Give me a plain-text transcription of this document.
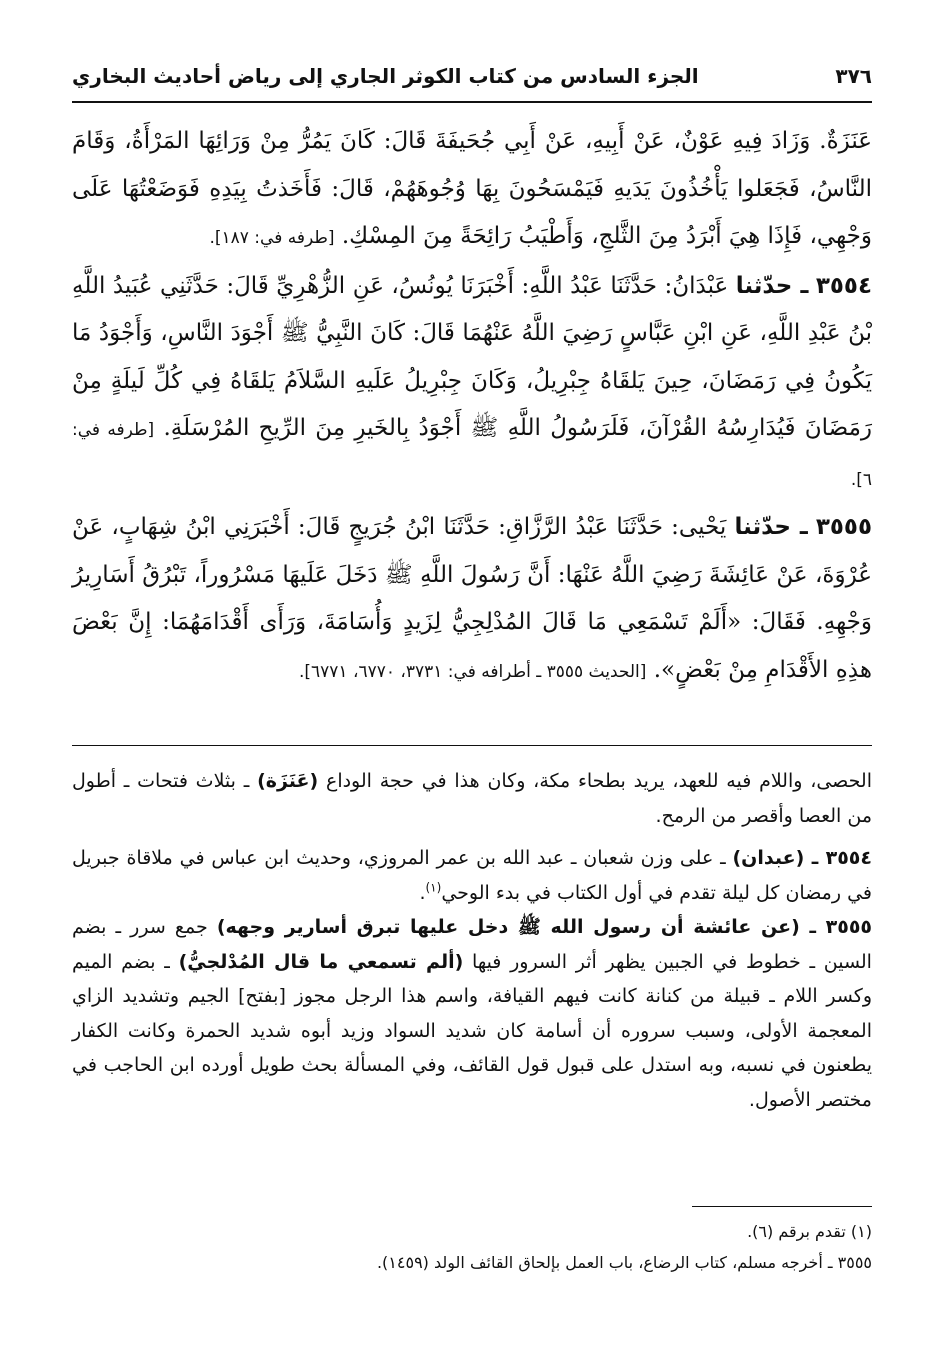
٣٧٦
الجزء السادس من كتاب الكوثر الجاري إلى رياض أحاديث البخاري

عَنَزَةٌ. وَزَادَ فِيهِ عَوْنٌ، عَنْ أَبِيهِ، عَنْ أَبِي جُحَيفَةَ قَالَ: كَانَ يَمُرُّ مِنْ وَرَائِهَا المَرْأَةُ، وَقَامَ النَّاسُ، فَجَعَلوا يَأْخُذُونَ يَدَيهِ فَيَمْسَحُونَ بِهَا وُجُوهَهُمْ، قَالَ: فَأَخَذتُ بِيَدِهِ فَوَضَعْتُهَا عَلَى وَجْهِي، فَإِذَا هِيَ أَبْرَدُ مِنَ الثَّلجِ، وَأَطْيَبُ رَائِحَةً مِنَ المِسْكِ. [طرفه في: ١٨٧].

٣٥٥٤ ـ حدّثنا عَبْدَانُ: حَدَّثَنَا عَبْدُ اللَّهِ: أَخْبَرَنَا يُونُسُ، عَنِ الزُّهْرِيِّ قَالَ: حَدَّثَنِي عُبَيدُ اللَّهِ بْنُ عَبْدِ اللَّهِ، عَنِ ابْنِ عَبَّاسٍ رَضِيَ اللَّهُ عَنْهُمَا قَالَ: كَانَ النَّبِيُّ ﷺ أَجْوَدَ النَّاسِ، وَأَجْوَدُ مَا يَكُونُ فِي رَمَضَانَ، حِينَ يَلقَاهُ جِبْرِيلُ، وَكَانَ جِبْرِيلُ عَلَيهِ السَّلاَمُ يَلقَاهُ فِي كُلِّ لَيلَةٍ مِنْ رَمَضَانَ فَيُدَارِسُهُ القُرْآنَ، فَلَرَسُولُ اللَّهِ ﷺ أَجْوَدُ بِالخَيرِ مِنَ الرِّيحِ المُرْسَلَةِ. [طرفه في: ٦].

٣٥٥٥ ـ حدّثنا يَحْيى: حَدَّثَنَا عَبْدُ الرَّزَّاقِ: حَدَّثَنَا ابْنُ جُرَيجٍ قَالَ: أَخْبَرَنِي ابْنُ شِهَابٍ، عَنْ عُرْوَةَ، عَنْ عَائِشَةَ رَضِيَ اللَّهُ عَنْهَا: أَنَّ رَسُولَ اللَّهِ ﷺ دَخَلَ عَلَيهَا مَسْرُوراً، تَبْرُقُ أَسَارِيرُ وَجْهِهِ. فَقَالَ: «أَلَمْ تَسْمَعِي مَا قَالَ المُدْلِجِيُّ لِزَيدٍ وَأُسَامَةَ، وَرَأَى أَقْدَامَهُمَا: إِنَّ بَعْضَ هذِهِ الأَقْدَامِ مِنْ بَعْضٍ». [الحديث ٣٥٥٥ ـ أطرافه في: ٣٧٣١، ٦٧٧٠، ٦٧٧١].

الحصى، واللام فيه للعهد، يريد بطحاء مكة، وكان هذا في حجة الوداع (عَنَزَة) ـ بثلاث فتحات ـ أطول من العصا وأقصر من الرمح.

٣٥٥٤ ـ (عبدان) ـ على وزن شعبان ـ عبد الله بن عمر المروزي، وحديث ابن عباس في ملاقاة جبريل في رمضان كل ليلة تقدم في أول الكتاب في بدء الوحي$^{(١)}$.

٣٥٥٥ ـ (عن عائشة أن رسول الله ﷺ دخل عليها تبرق أسارير وجهه) جمع سرر ـ بضم السين ـ خطوط في الجبين يظهر أثر السرور فيها (ألم تسمعي ما قال المُدْلجيُّ) ـ بضم الميم وكسر اللام ـ قبيلة من كنانة كانت فيهم القيافة، واسم هذا الرجل مجوز [بفتح] الجيم وتشديد الزاي المعجمة الأولى، وسبب سروره أن أسامة كان شديد السواد وزيد أبوه شديد الحمرة وكانت الكفار يطعنون في نسبه، وبه استدل على قبول قول القائف، وفي المسألة بحث طويل أورده ابن الحاجب في مختصر الأصول.

(١) تقدم برقم (٦).

٣٥٥٥ ـ أخرجه مسلم، كتاب الرضاع، باب العمل بإلحاق القائف الولد (١٤٥٩).
